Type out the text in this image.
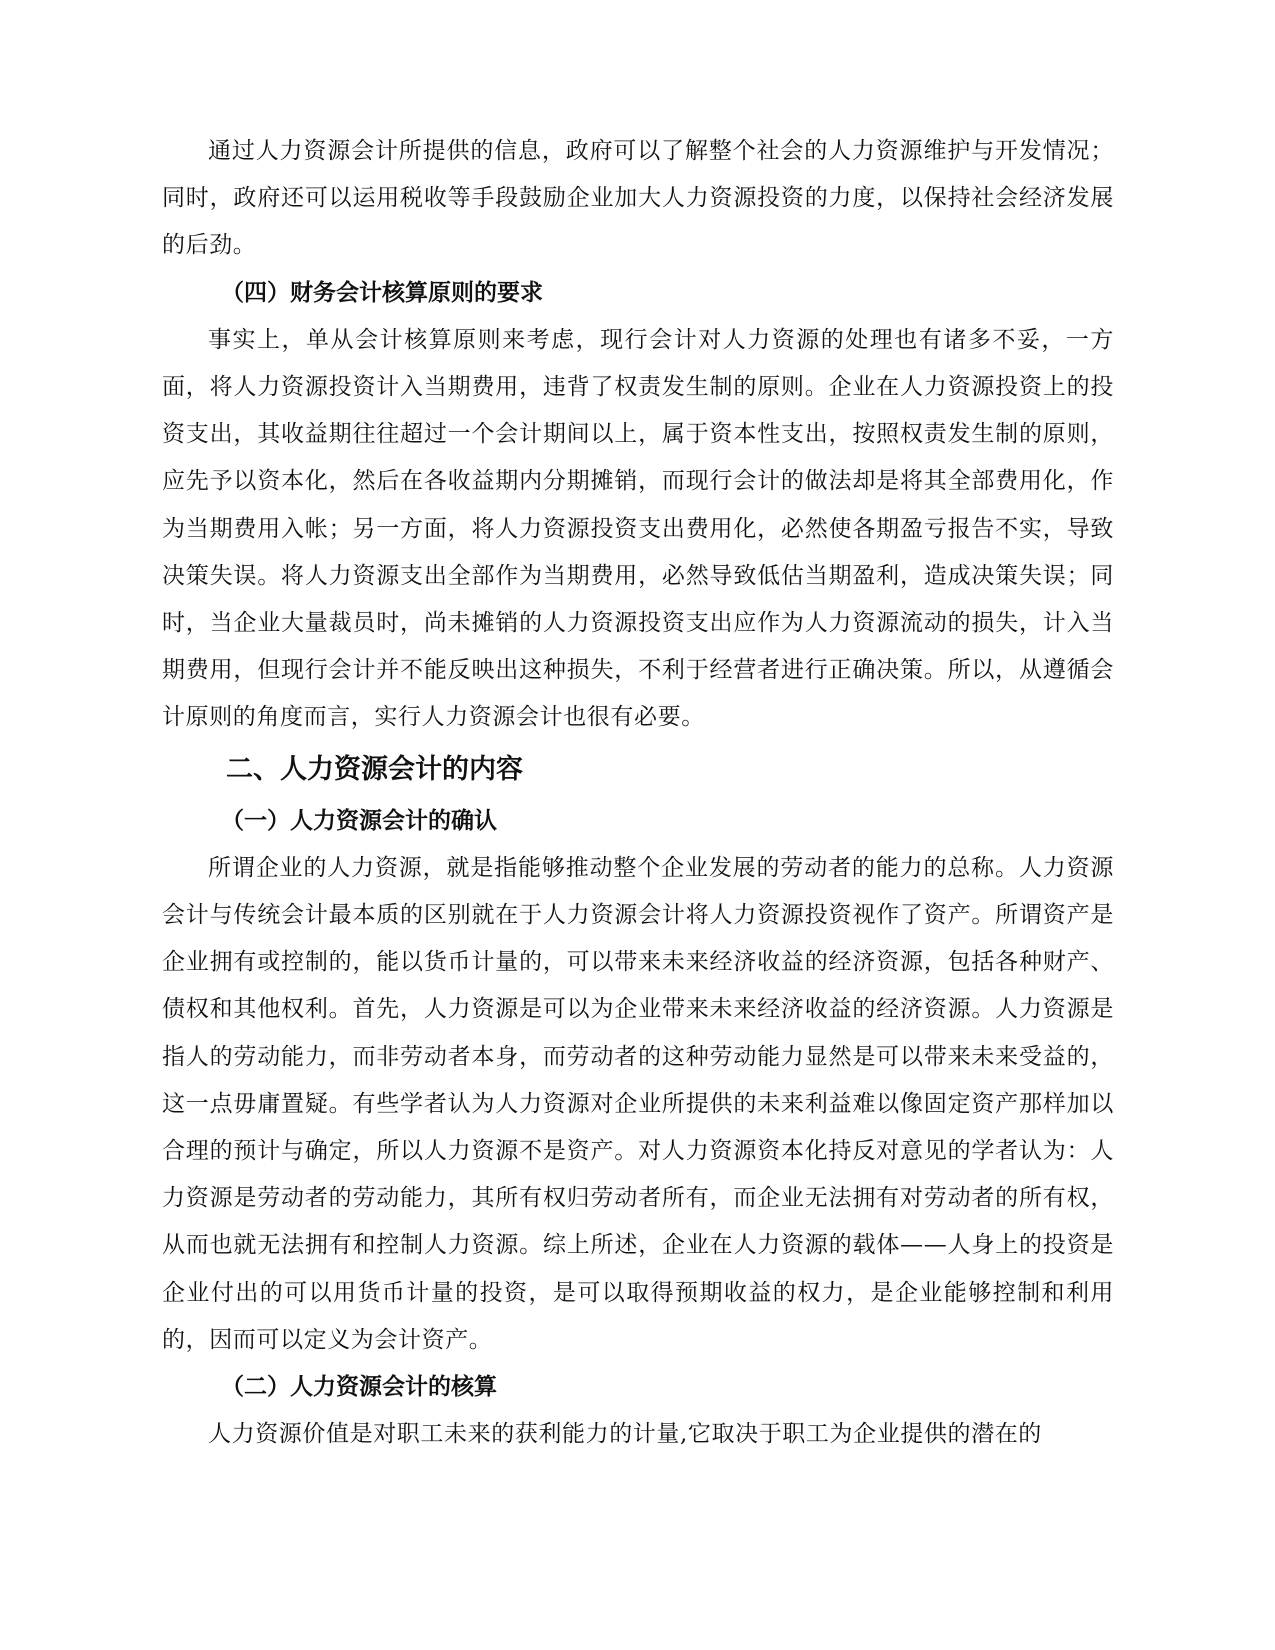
通过人力资源会计所提供的信息，政府可以了解整个社会的人力资源维护与开发情况；同时，政府还可以运用税收等手段鼓励企业加大人力资源投资的力度，以保持社会经济发展的后劲。

（四）财务会计核算原则的要求

事实上，单从会计核算原则来考虑，现行会计对人力资源的处理也有诸多不妥，一方面，将人力资源投资计入当期费用，违背了权责发生制的原则。企业在人力资源投资上的投资支出，其收益期往往超过一个会计期间以上，属于资本性支出，按照权责发生制的原则，应先予以资本化，然后在各收益期内分期摊销，而现行会计的做法却是将其全部费用化，作为当期费用入帐；另一方面，将人力资源投资支出费用化，必然使各期盈亏报告不实，导致决策失误。将人力资源支出全部作为当期费用，必然导致低估当期盈利，造成决策失误；同时，当企业大量裁员时，尚未摊销的人力资源投资支出应作为人力资源流动的损失，计入当期费用，但现行会计并不能反映出这种损失，不利于经营者进行正确决策。所以，从遵循会计原则的角度而言，实行人力资源会计也很有必要。

二、人力资源会计的内容

（一）人力资源会计的确认

所谓企业的人力资源，就是指能够推动整个企业发展的劳动者的能力的总称。人力资源会计与传统会计最本质的区别就在于人力资源会计将人力资源投资视作了资产。所谓资产是企业拥有或控制的，能以货币计量的，可以带来未来经济收益的经济资源，包括各种财产、债权和其他权利。首先，人力资源是可以为企业带来未来经济收益的经济资源。人力资源是指人的劳动能力，而非劳动者本身，而劳动者的这种劳动能力显然是可以带来未来受益的，这一点毋庸置疑。有些学者认为人力资源对企业所提供的未来利益难以像固定资产那样加以合理的预计与确定，所以人力资源不是资产。对人力资源资本化持反对意见的学者认为：人力资源是劳动者的劳动能力，其所有权归劳动者所有，而企业无法拥有对劳动者的所有权，从而也就无法拥有和控制人力资源。综上所述，企业在人力资源的载体——人身上的投资是企业付出的可以用货币计量的投资，是可以取得预期收益的权力，是企业能够控制和利用的，因而可以定义为会计资产。

（二）人力资源会计的核算

人力资源价值是对职工未来的获利能力的计量,它取决于职工为企业提供的潜在的
